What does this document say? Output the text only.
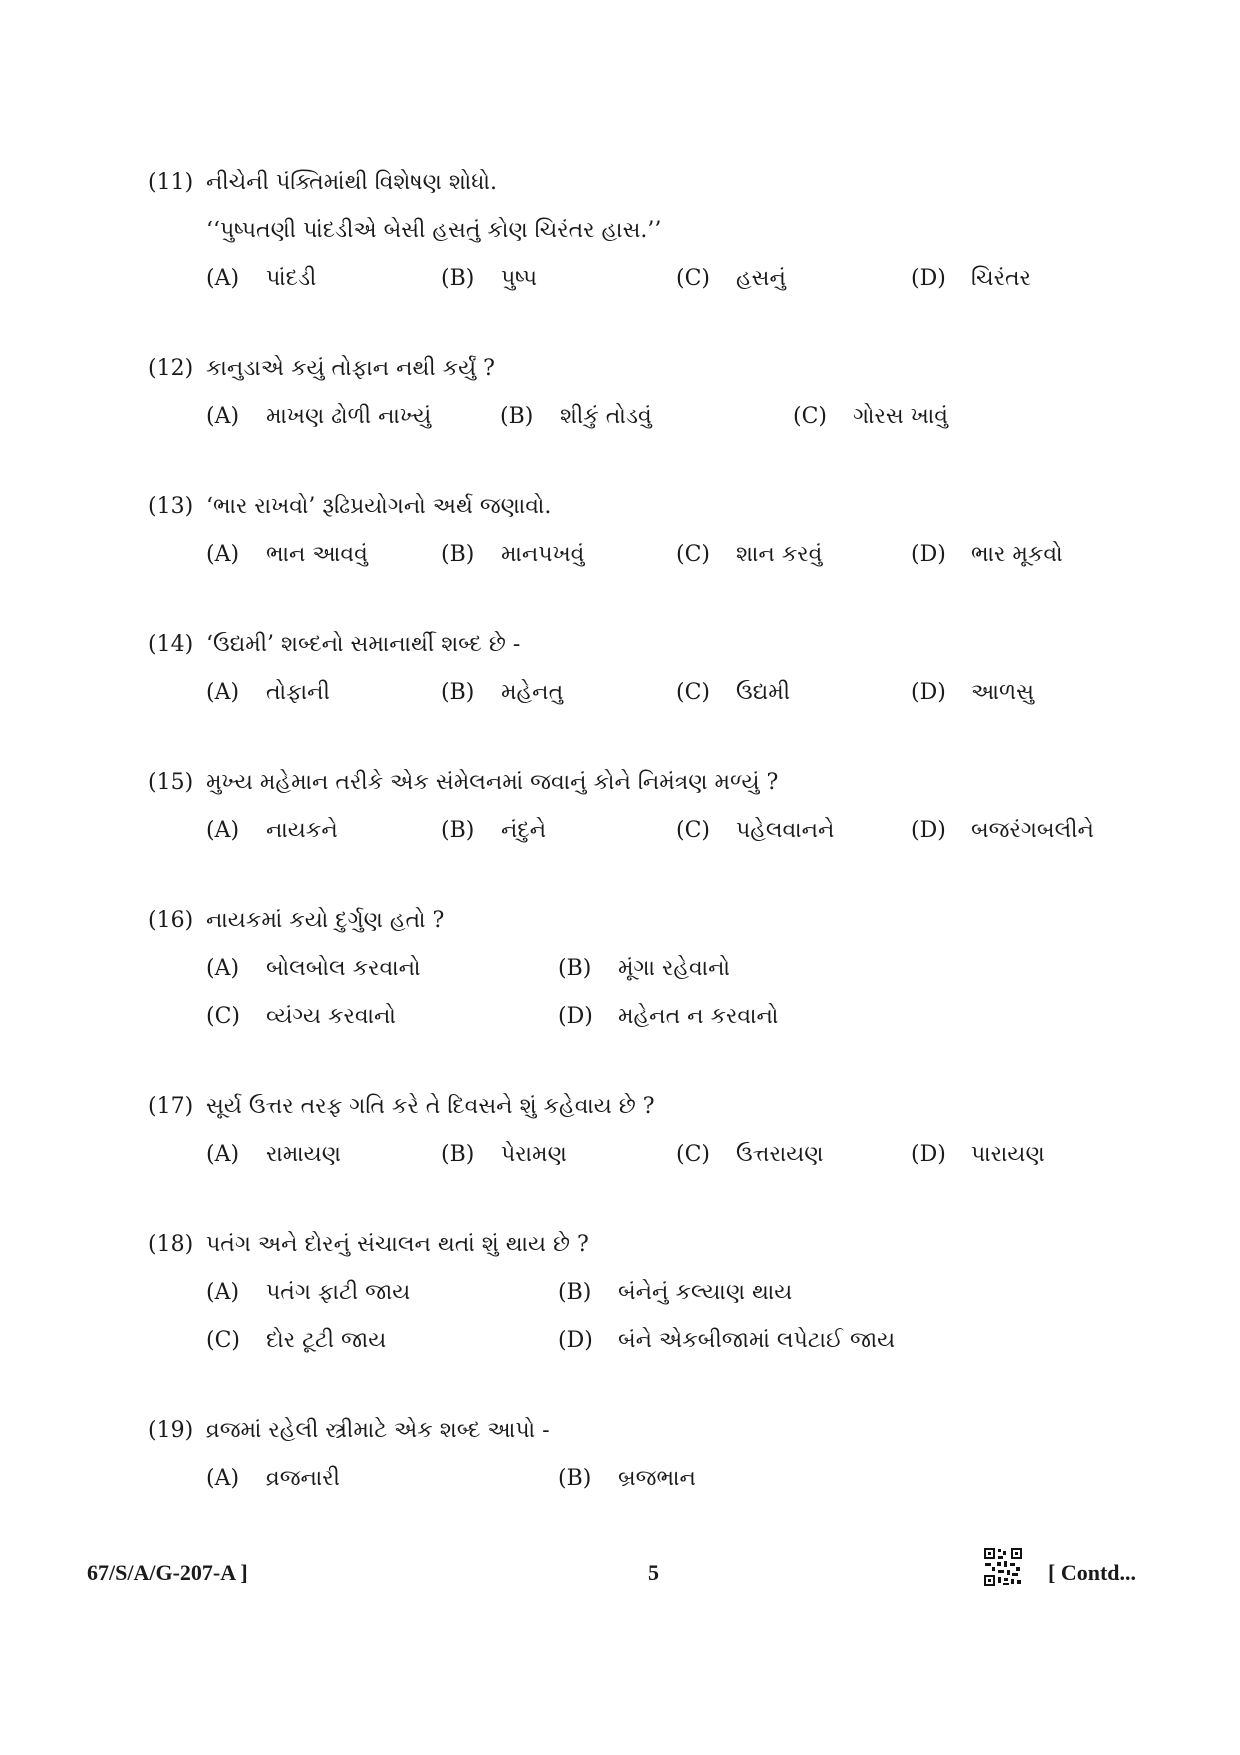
(11) નીચેની પંક્તિમાંથી વિશેષણ શોધો.
‘‘પુષ્પતણી પાંદડીએ બેસી હસતું કોણ ચિરંતર હાસ.’’
(A) પાંદડી	(B) પુષ્પ	(C) હસનું	(D) ચિરંતર
(12) કાનુડાએ કયું તોફાન નથી કર્યું ?
(A) માખણ ઢોળી નાખ્યું	(B) શીકું તોડવું	(C) ગોરસ ખાવું
(13) ‘ભાર રાખવો’ રૂઢિપ્રયોગનો અર્થ જણાવો.
(A) ભાન આવવું	(B) માનપખવું	(C) શાન કરવું	(D) ભાર મૂકવો
(14) ‘ઉદ્યમી’ શબ્દનો સમાનાર્થી શબ્દ છે -
(A) તોફાની	(B) મહેનતુ	(C) ઉદ્યમી	(D) આળસુ
(15) મુખ્ય મહેમાન તરીકે એક સંમેલનમાં જવાનું કોને નિમંત્રણ મળ્યું ?
(A) નાયકને	(B) નંદુને	(C) પહેલવાનને	(D) બજરંગબલીને
(16) નાયકમાં કયો દુર્ગુણ હતો ?
(A) બોલબોલ કરવાનો	(B) મૂંગા રહેવાનો
(C) વ્યંગ્ય કરવાનો	(D) મહેનત ન કરવાનો
(17) સૂર્ય ઉત્તર તરફ ગતિ કરે તે દિવસને શું કહેવાય છે ?
(A) રામાયણ	(B) પેરામણ	(C) ઉત્તરાયણ	(D) પારાયણ
(18) પતંગ અને દોરનું સંચાલન થતાં શું થાય છે ?
(A) પતંગ ફાટી જાય	(B) બંનેનું કલ્યાણ થાય
(C) દોર ટૂટી જાય	(D) બંને એકબીજામાં લપેટાઈ જાય
(19) વ્રજમાં રહેલી સ્ત્રીમાટે એક શબ્દ આપો -
(A) વ્રજનારી	(B) બ્રજભાન
67/S/A/G-207-A ]	5	[ Contd...
